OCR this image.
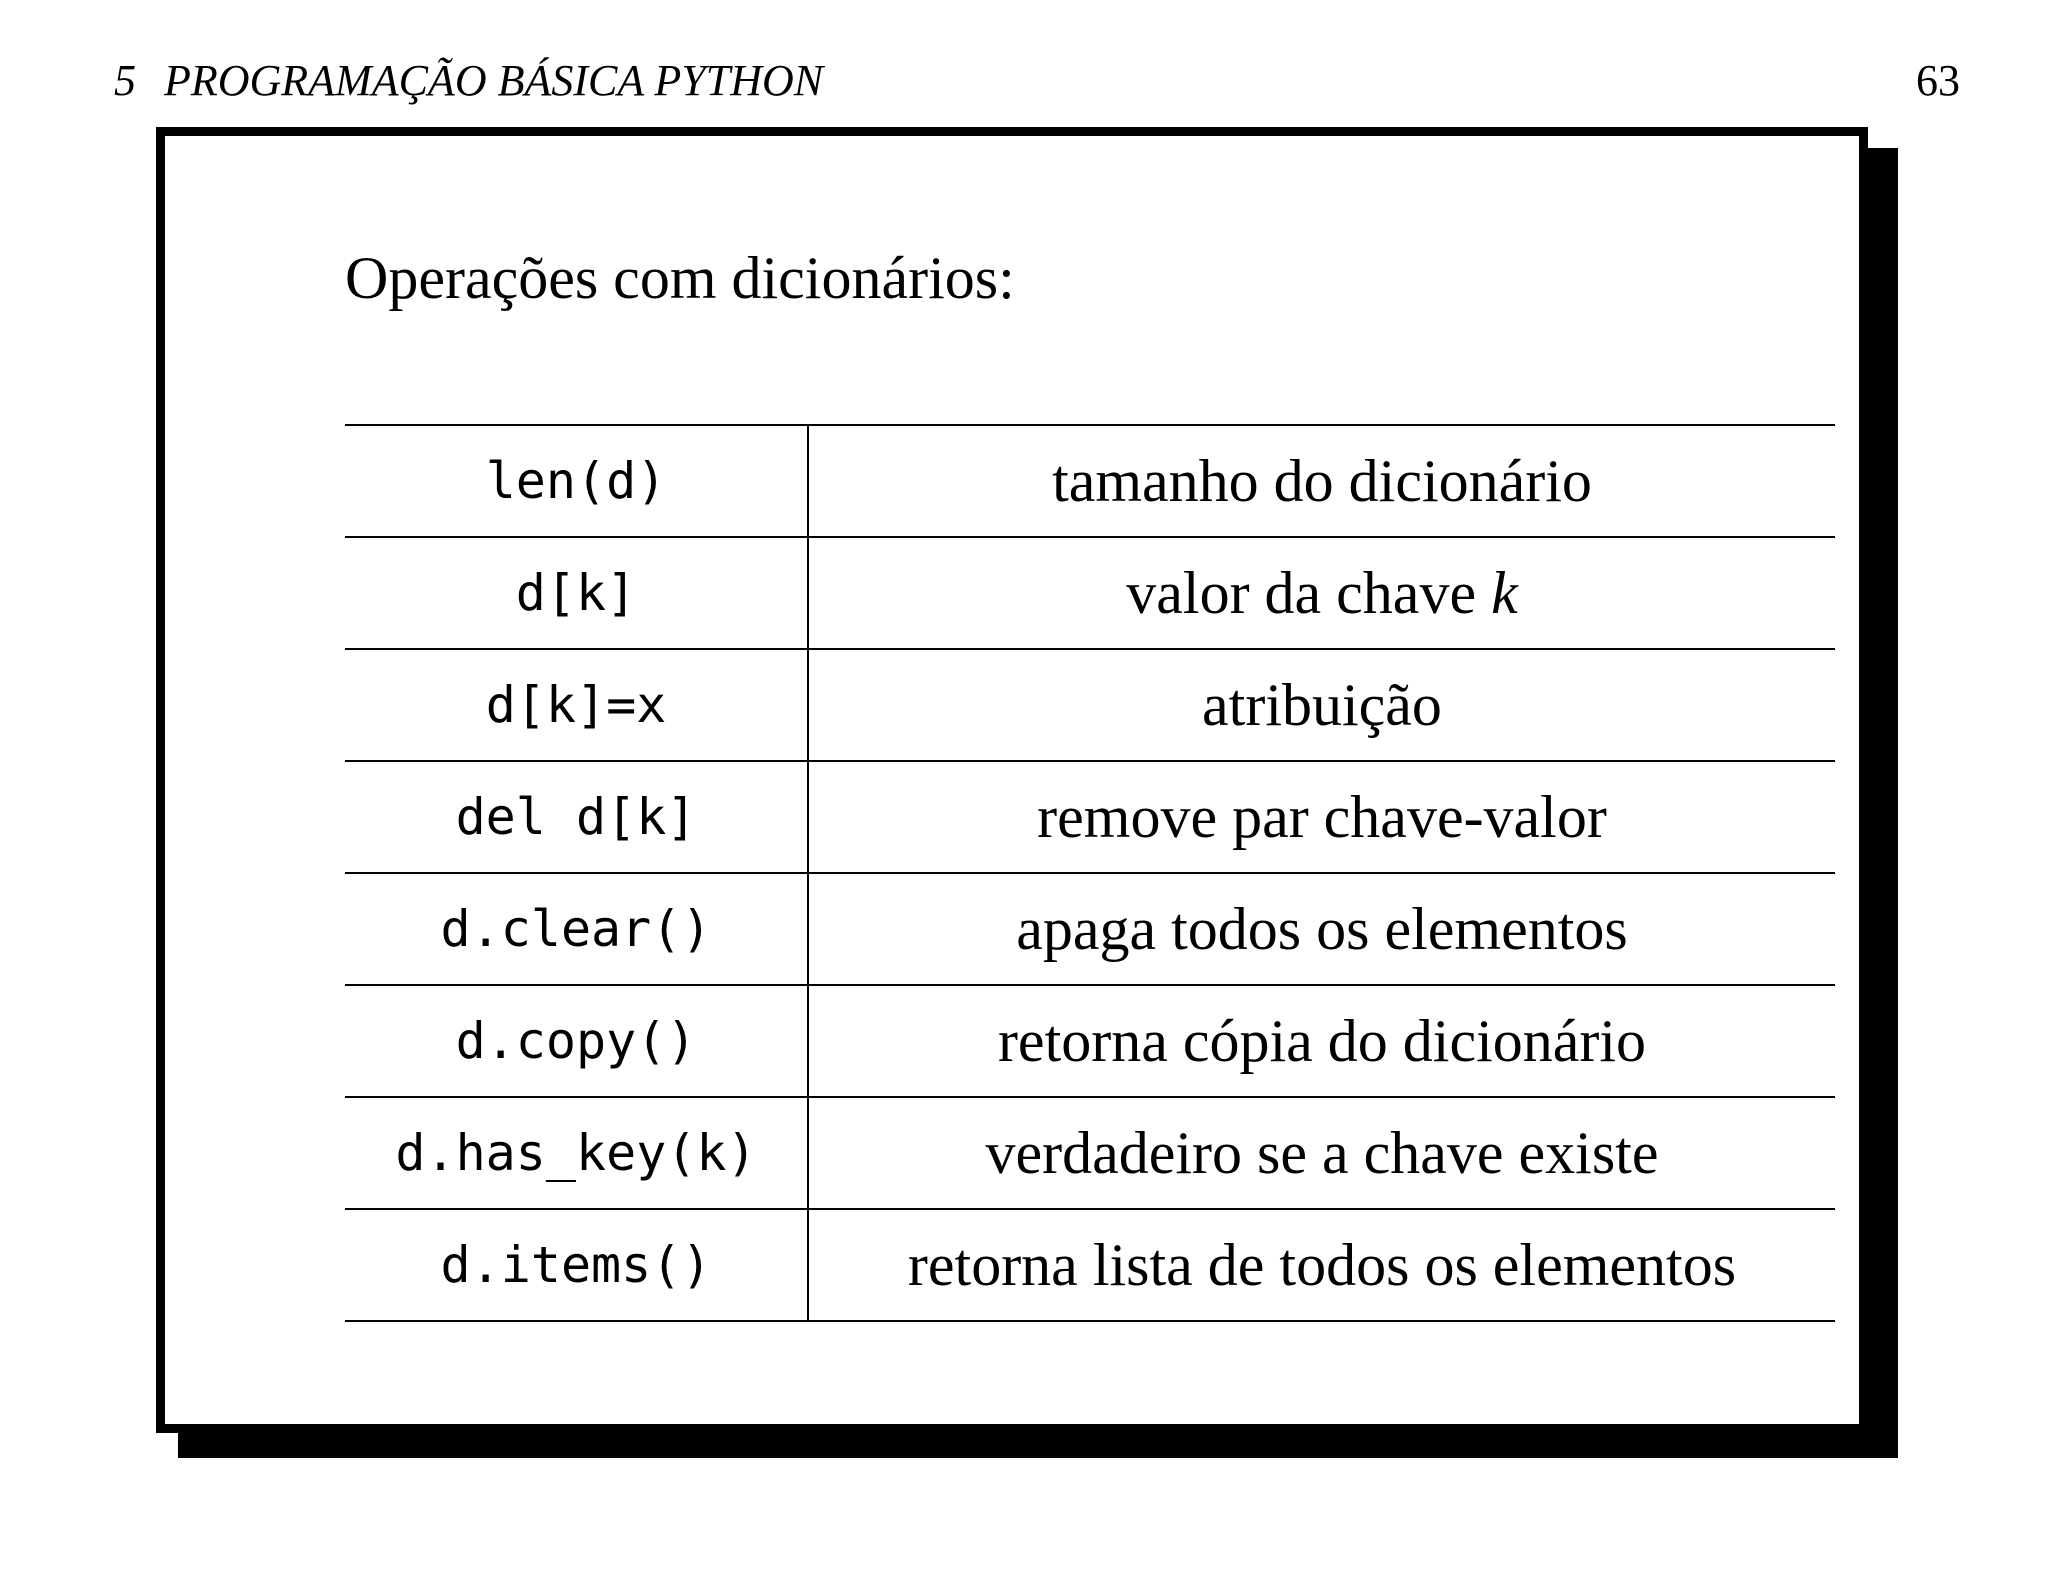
5 PROGRAMAÇÃO BÁSICA PYTHON	63
Operações com dicionários:
len(d)	tamanho do dicionário
d[k]	valor da chave k
d[k]=x	atribuição
del d[k]	remove par chave-valor
d.clear()	apaga todos os elementos
d.copy()	retorna cópia do dicionário
d.has_key(k)	verdadeiro se a chave existe
d.items()	retorna lista de todos os elementos
